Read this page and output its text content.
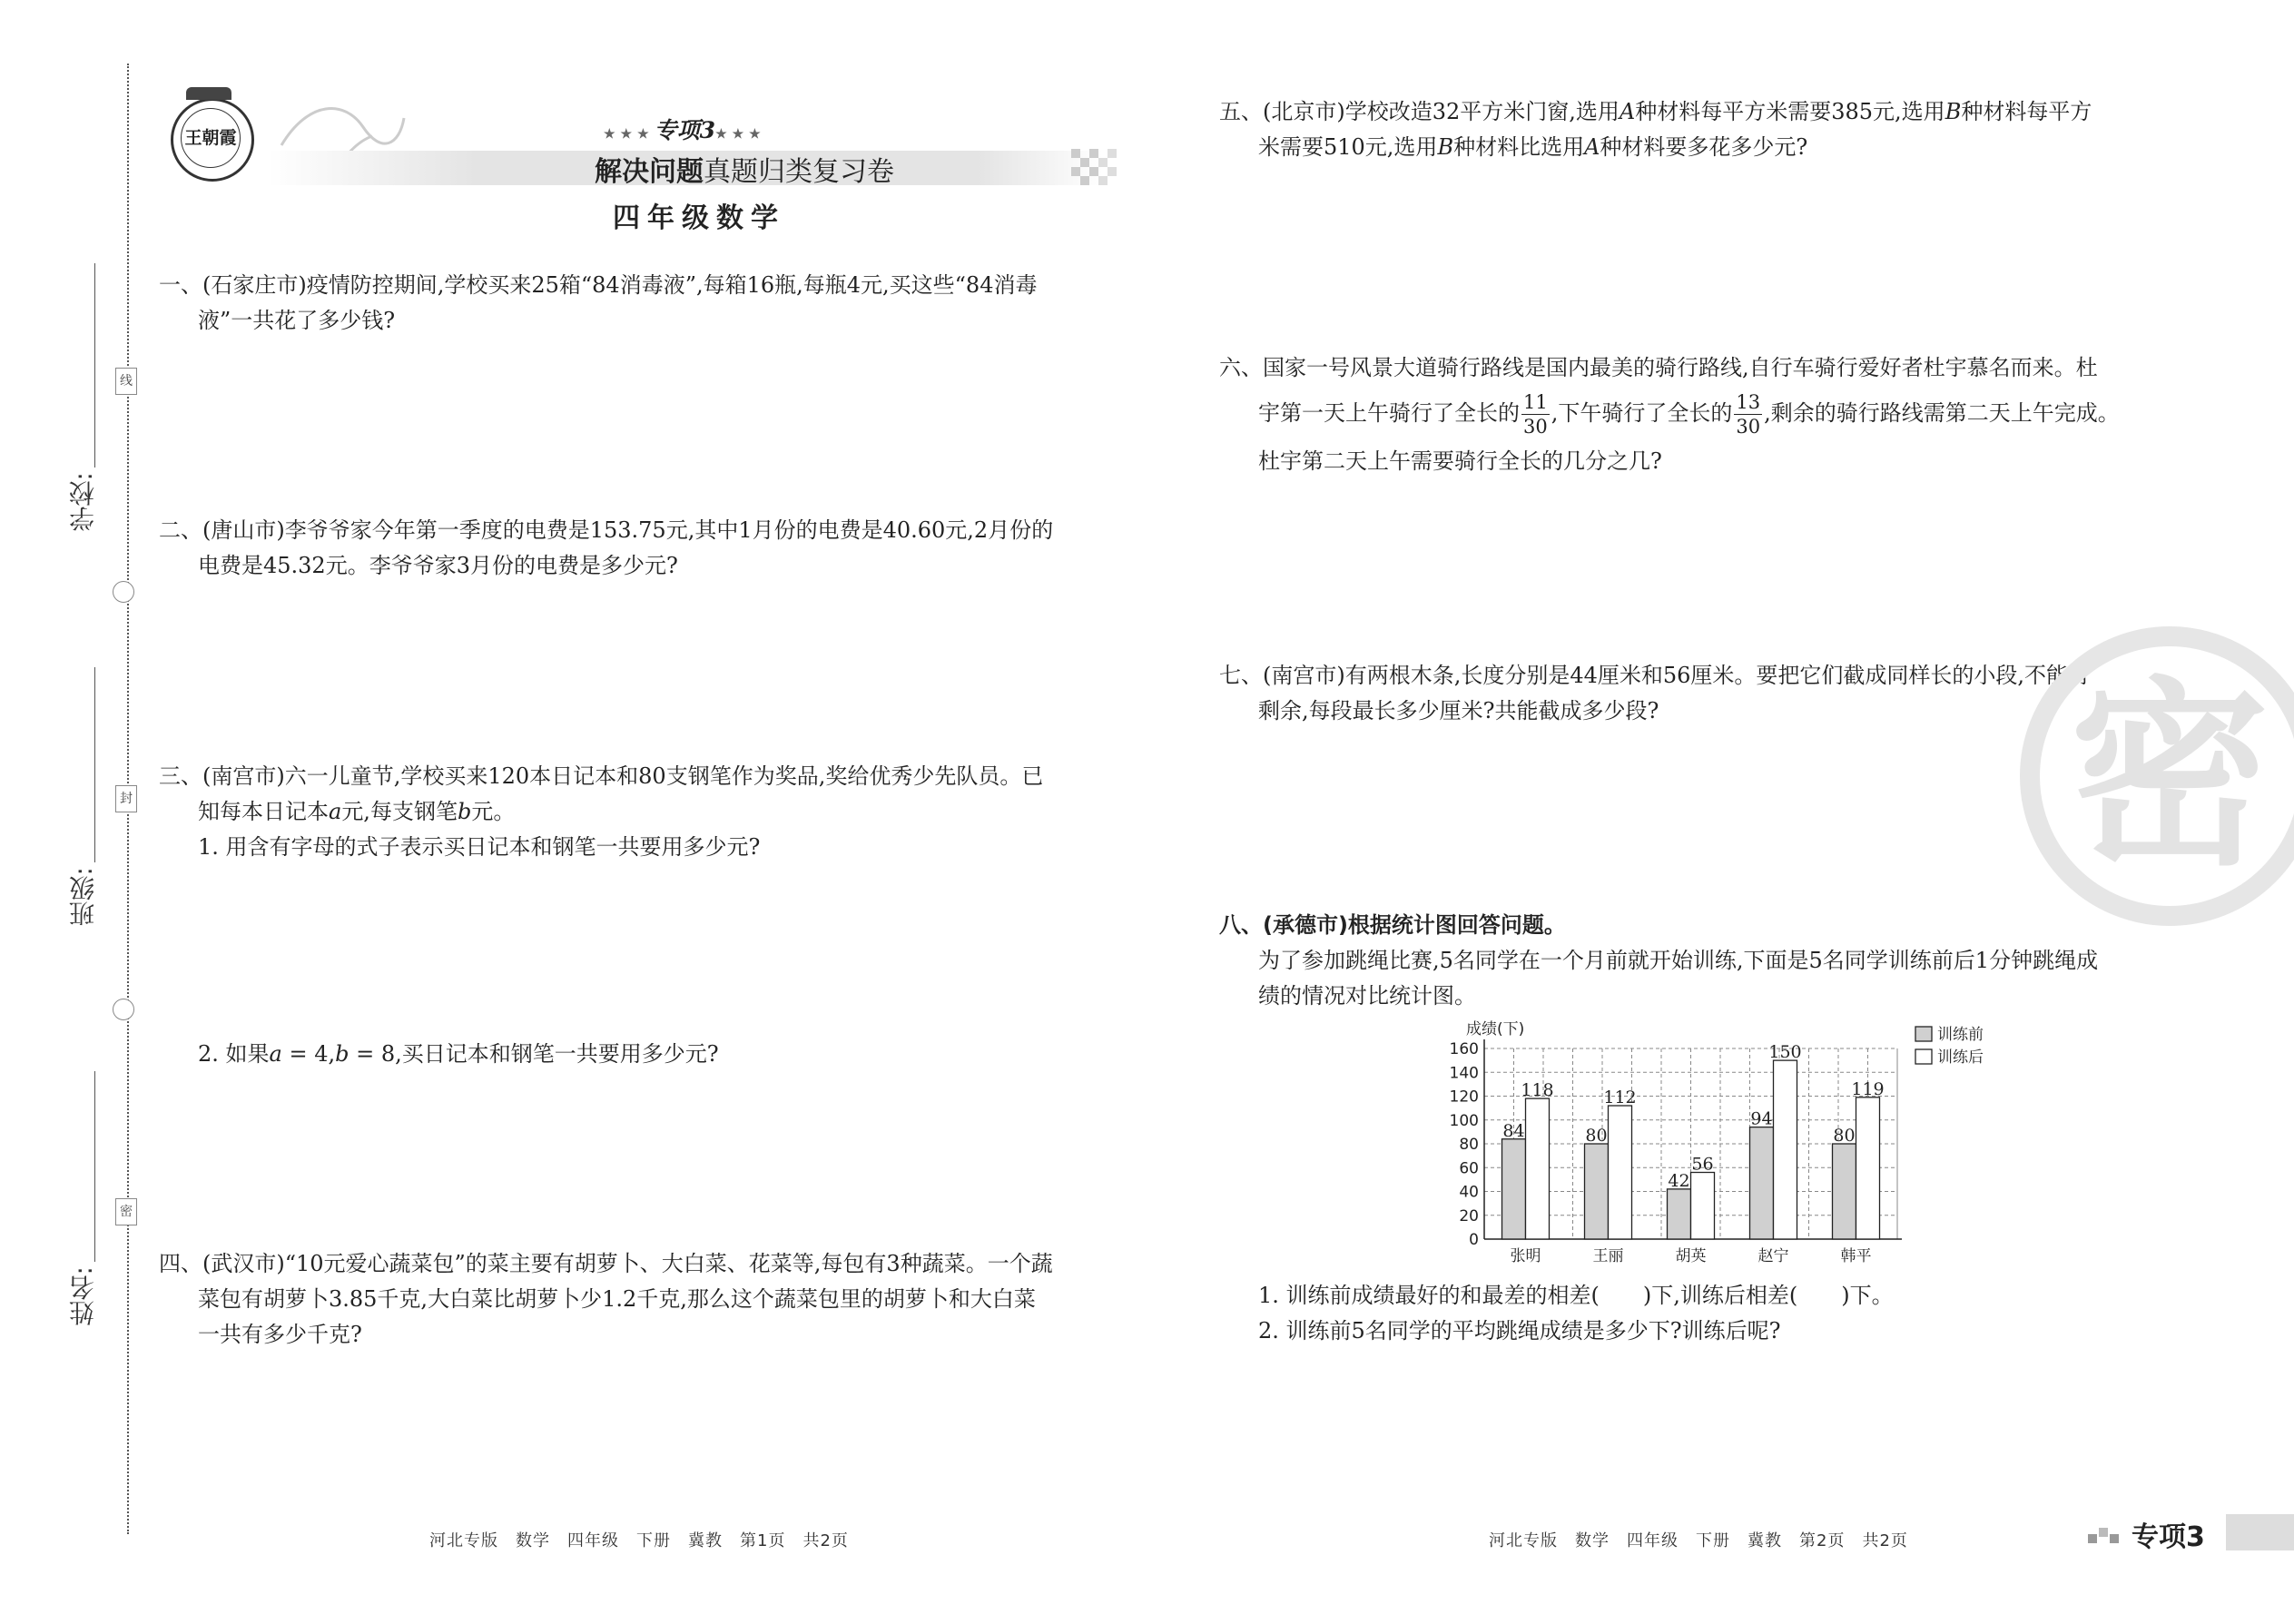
学校:
班级:
姓名:
线
封
密
王朝霞	★★★专项3★★★
解决问题真题归类复习卷
四年级数学
一、(石家庄市)疫情防控期间,学校买来25箱“84消毒液”,每箱16瓶,每瓶4元,买这些“84消毒
液”一共花了多少钱?
二、(唐山市)李爷爷家今年第一季度的电费是153.75元,其中1月份的电费是40.60元,2月份的
电费是45.32元。李爷爷家3月份的电费是多少元?
三、(南宫市)六一儿童节,学校买来120本日记本和80支钢笔作为奖品,奖给优秀少先队员。已
知每本日记本a元,每支钢笔b元。
1. 用含有字母的式子表示买日记本和钢笔一共要用多少元?
2. 如果a = 4,b = 8,买日记本和钢笔一共要用多少元?
四、(武汉市)“10元爱心蔬菜包”的菜主要有胡萝卜、大白菜、花菜等,每包有3种蔬菜。一个蔬
菜包有胡萝卜3.85千克,大白菜比胡萝卜少1.2千克,那么这个蔬菜包里的胡萝卜和大白菜
一共有多少千克?
五、(北京市)学校改造32平方米门窗,选用A种材料每平方米需要385元,选用B种材料每平方
米需要510元,选用B种材料比选用A种材料要多花多少元?
六、国家一号风景大道骑行路线是国内最美的骑行路线,自行车骑行爱好者杜宇慕名而来。杜
宇第一天上午骑行了全长的 $\frac{11}{30}$ ,下午骑行了全长的 $\frac{13}{30}$ ,剩余的骑行路线需第二天上午完成。
杜宇第二天上午需要骑行全长的几分之几?
七、(南宫市)有两根木条,长度分别是44厘米和56厘米。要把它们截成同样长的小段,不能有
剩余,每段最长多少厘米?共能截成多少段?
八、(承德市)根据统计图回答问题。
为了参加跳绳比赛,5名同学在一个月前就开始训练,下面是5名同学训练前后1分钟跳绳成
绩的情况对比统计图。
0
20
40
60
80
100
120
140
160
成绩(下)
84
118
张明
80
112
王丽
42
56
胡英
94
150
赵宁
80
119
韩平
训练前
训练后
1. 训练前成绩最好的和最差的相差(　　)下,训练后相差(　　)下。
2. 训练前5名同学的平均跳绳成绩是多少下?训练后呢?
密
河北专版　数学　四年级　下册　冀教　第1页　共2页	河北专版　数学　四年级　下册　冀教　第2页　共2页	专项3
